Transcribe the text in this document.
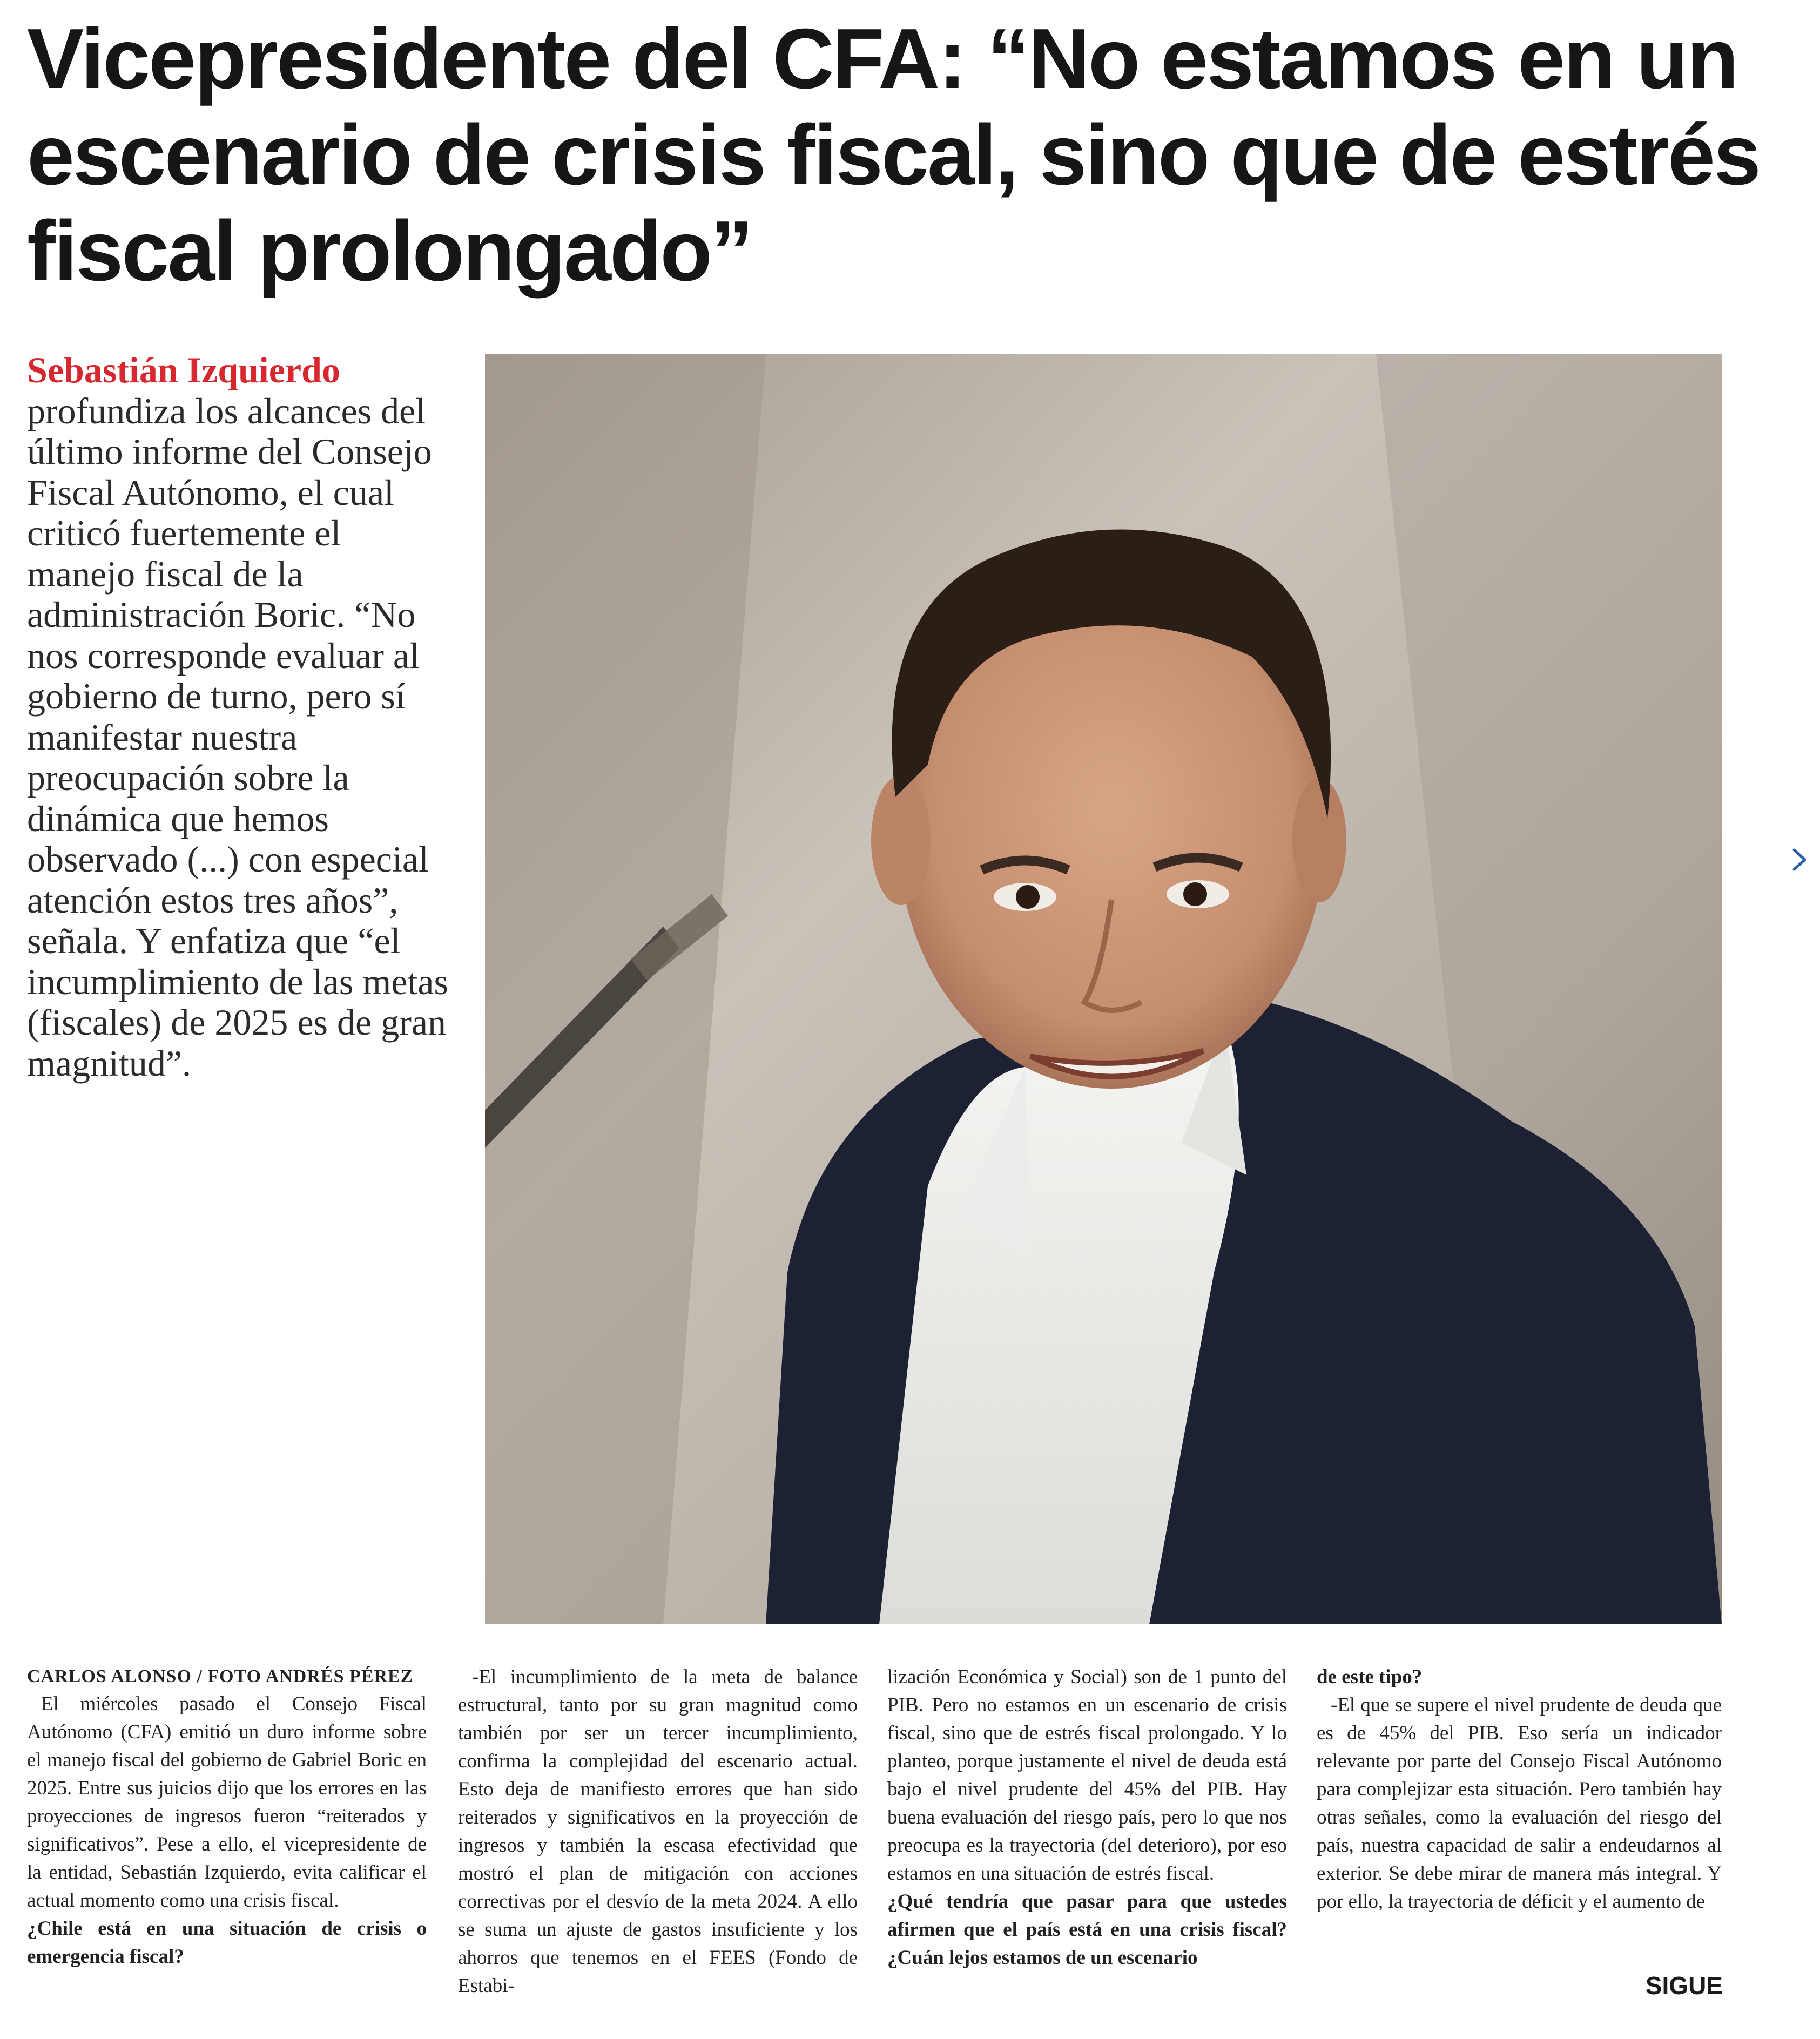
Vicepresidente del CFA: “No estamos en un escenario de crisis fiscal, sino que de estrés fiscal prolongado”
Sebastián Izquierdo
profundiza los alcances del último informe del Consejo Fiscal Autónomo, el cual criticó fuertemente el manejo fiscal de la administración Boric. “No nos corresponde evaluar al gobierno de turno, pero sí manifestar nuestra preocupación sobre la dinámica que hemos observado (...) con especial atención estos tres años”, señala. Y enfatiza que “el incumplimiento de las metas (fiscales) de 2025 es de gran magnitud”.
CARLOS ALONSO / FOTO ANDRÉS PÉREZ

El miércoles pasado el Consejo Fiscal Autónomo (CFA) emitió un duro informe sobre el manejo fiscal del gobierno de Gabriel Boric en 2025. Entre sus juicios dijo que los errores en las proyecciones de ingresos fueron “reiterados y significativos”. Pese a ello, el vicepresidente de la entidad, Sebastián Izquierdo, evita calificar el actual momento como una crisis fiscal.

¿Chile está en una situación de crisis o emergencia fiscal?

-El incumplimiento de la meta de balance estructural, tanto por su gran magnitud como también por ser un tercer incumplimiento, confirma la complejidad del escenario actual. Esto deja de manifiesto errores que han sido reiterados y significativos en la proyección de ingresos y también la escasa efectividad que mostró el plan de mitigación con acciones correctivas por el desvío de la meta 2024. A ello se suma un ajuste de gastos insuficiente y los ahorros que tenemos en el FEES (Fondo de Estabi-

lización Económica y Social) son de 1 punto del PIB. Pero no estamos en un escenario de crisis fiscal, sino que de estrés fiscal prolongado. Y lo planteo, porque justamente el nivel de deuda está bajo el nivel prudente del 45% del PIB. Hay buena evaluación del riesgo país, pero lo que nos preocupa es la trayectoria (del deterioro), por eso estamos en una situación de estrés fiscal.

¿Qué tendría que pasar para que ustedes afirmen que el país está en una crisis fiscal? ¿Cuán lejos estamos de un escenario

de este tipo?

-El que se supere el nivel prudente de deuda que es de 45% del PIB. Eso sería un indicador relevante por parte del Consejo Fiscal Autónomo para complejizar esta situación. Pero también hay otras señales, como la evaluación del riesgo del país, nuestra capacidad de salir a endeudarnos al exterior. Se debe mirar de manera más integral. Y por ello, la trayectoria de déficit y el aumento de

SIGUE
